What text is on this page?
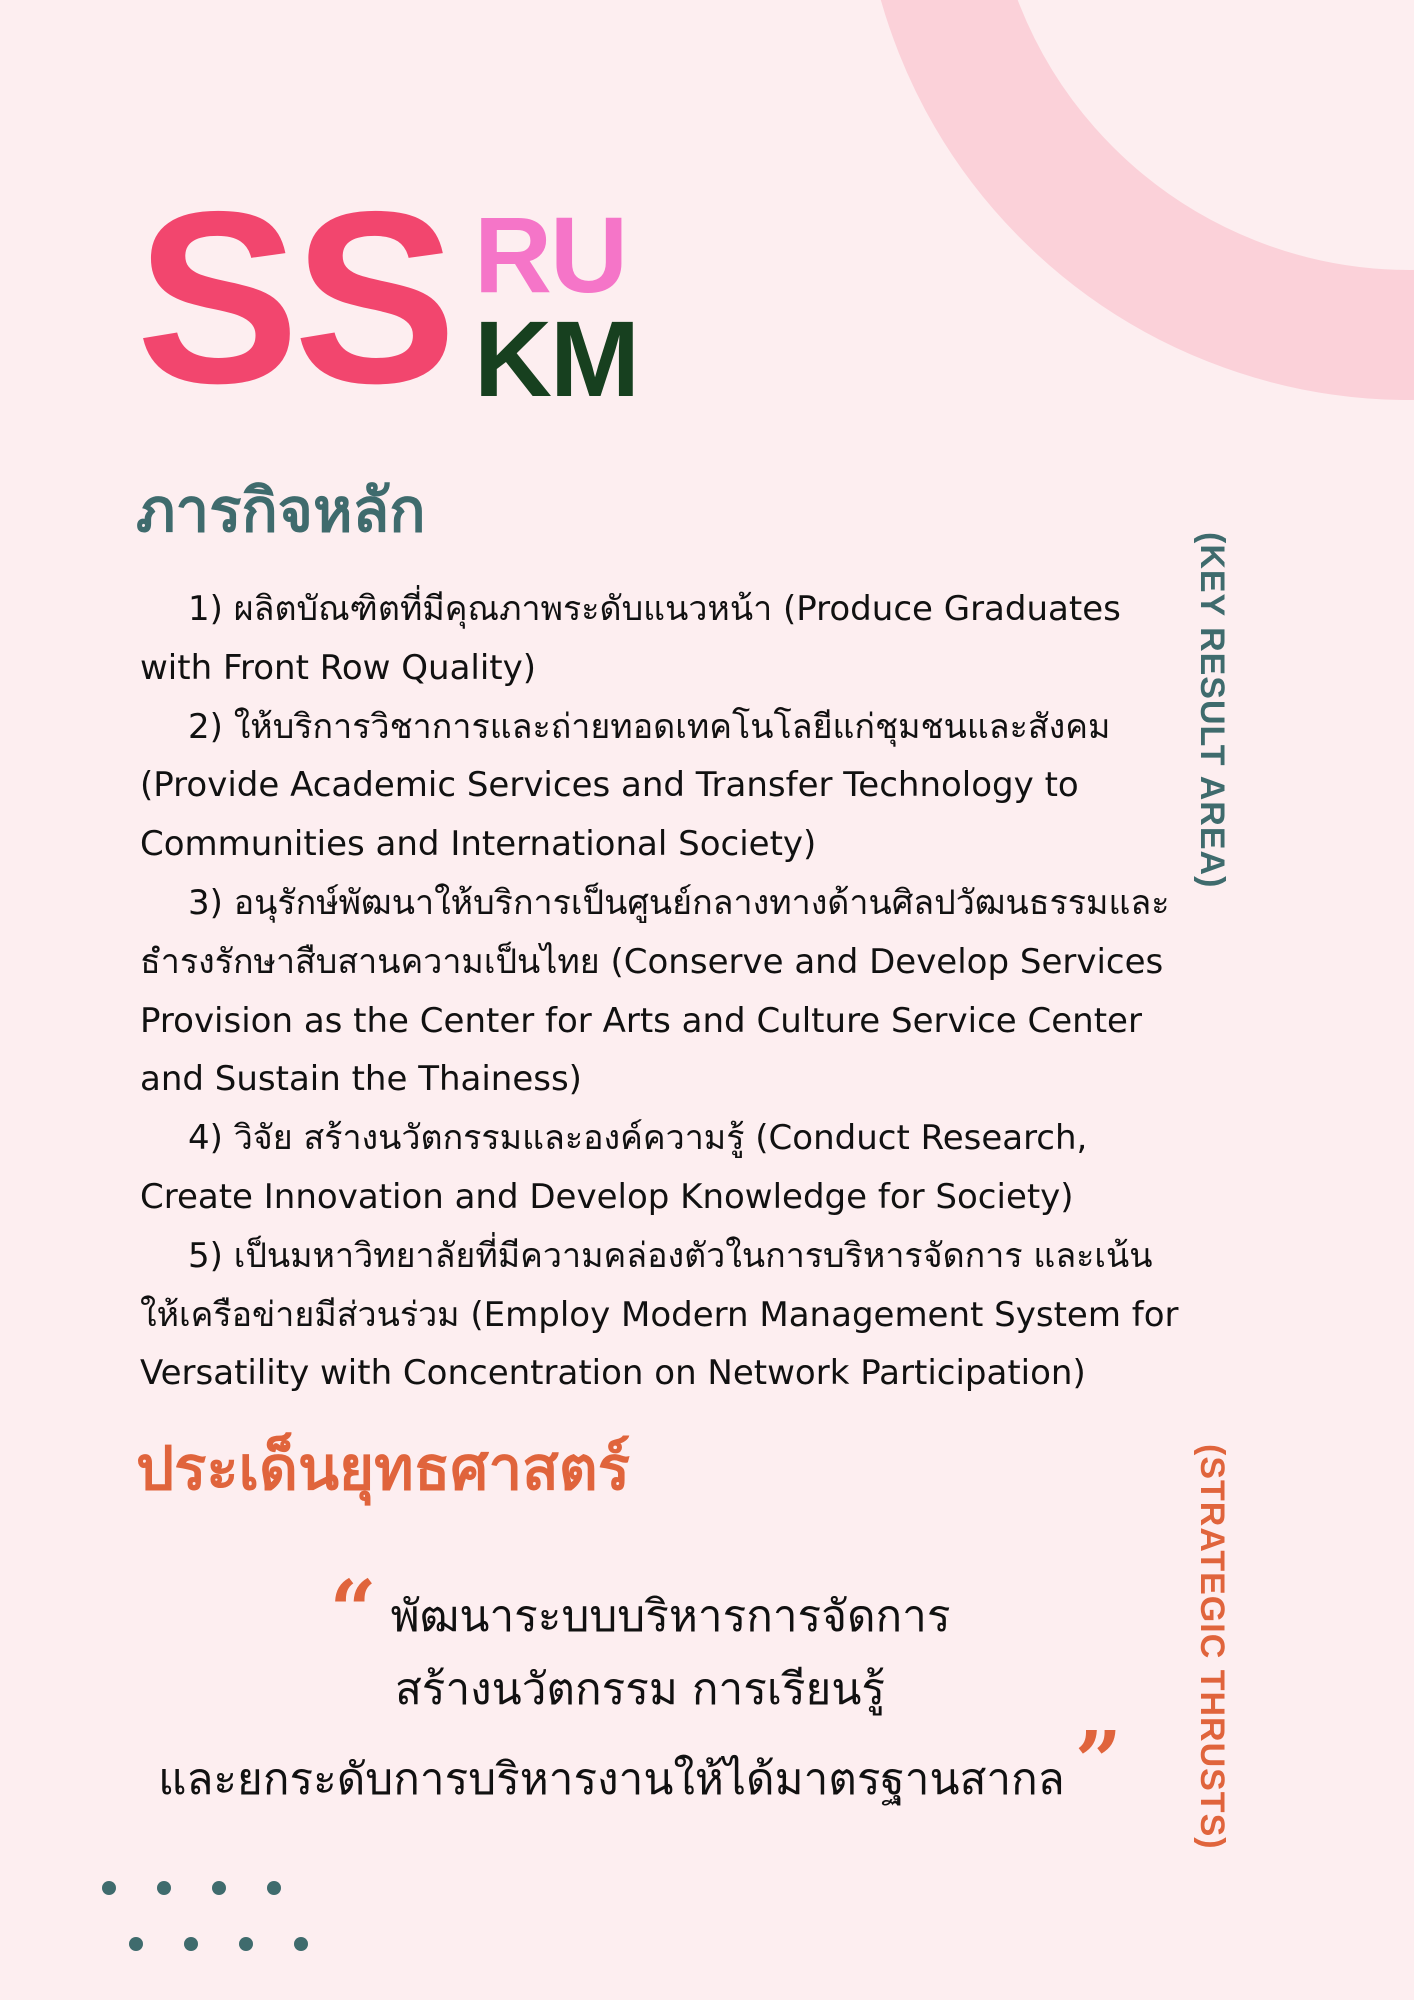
SS RU
KM
ภารกิจหลัก

1) ผลิตบัณฑิตที่มีคุณภาพระดับแนวหน้า (Produce Graduates with Front Row Quality)

2) ให้บริการวิชาการและถ่ายทอดเทคโนโลยีแก่ชุมชนและสังคม (Provide Academic Services and Transfer Technology to Communities and International Society)

3) อนุรักษ์พัฒนาให้บริการเป็นศูนย์กลางทางด้านศิลปวัฒนธรรมและธำรงรักษาสืบสานความเป็นไทย (Conserve and Develop Services Provision as the Center for Arts and Culture Service Center and Sustain the Thainess)

4) วิจัย สร้างนวัตกรรมและองค์ความรู้ (Conduct Research, Create Innovation and Develop Knowledge for Society)

5) เป็นมหาวิทยาลัยที่มีความคล่องตัวในการบริหารจัดการ และเน้นให้เครือข่ายมีส่วนร่วม (Employ Modern Management System for Versatility with Concentration on Network Participation)

(KEY RESULT AREA)
ประเด็นยุทธศาสตร์
“ พัฒนาระบบบริหารการจัดการ
สร้างนวัตกรรม การเรียนรู้
และยกระดับการบริหารงานให้ได้มาตรฐานสากล ”	(STRATEGIC THRUSTS)
